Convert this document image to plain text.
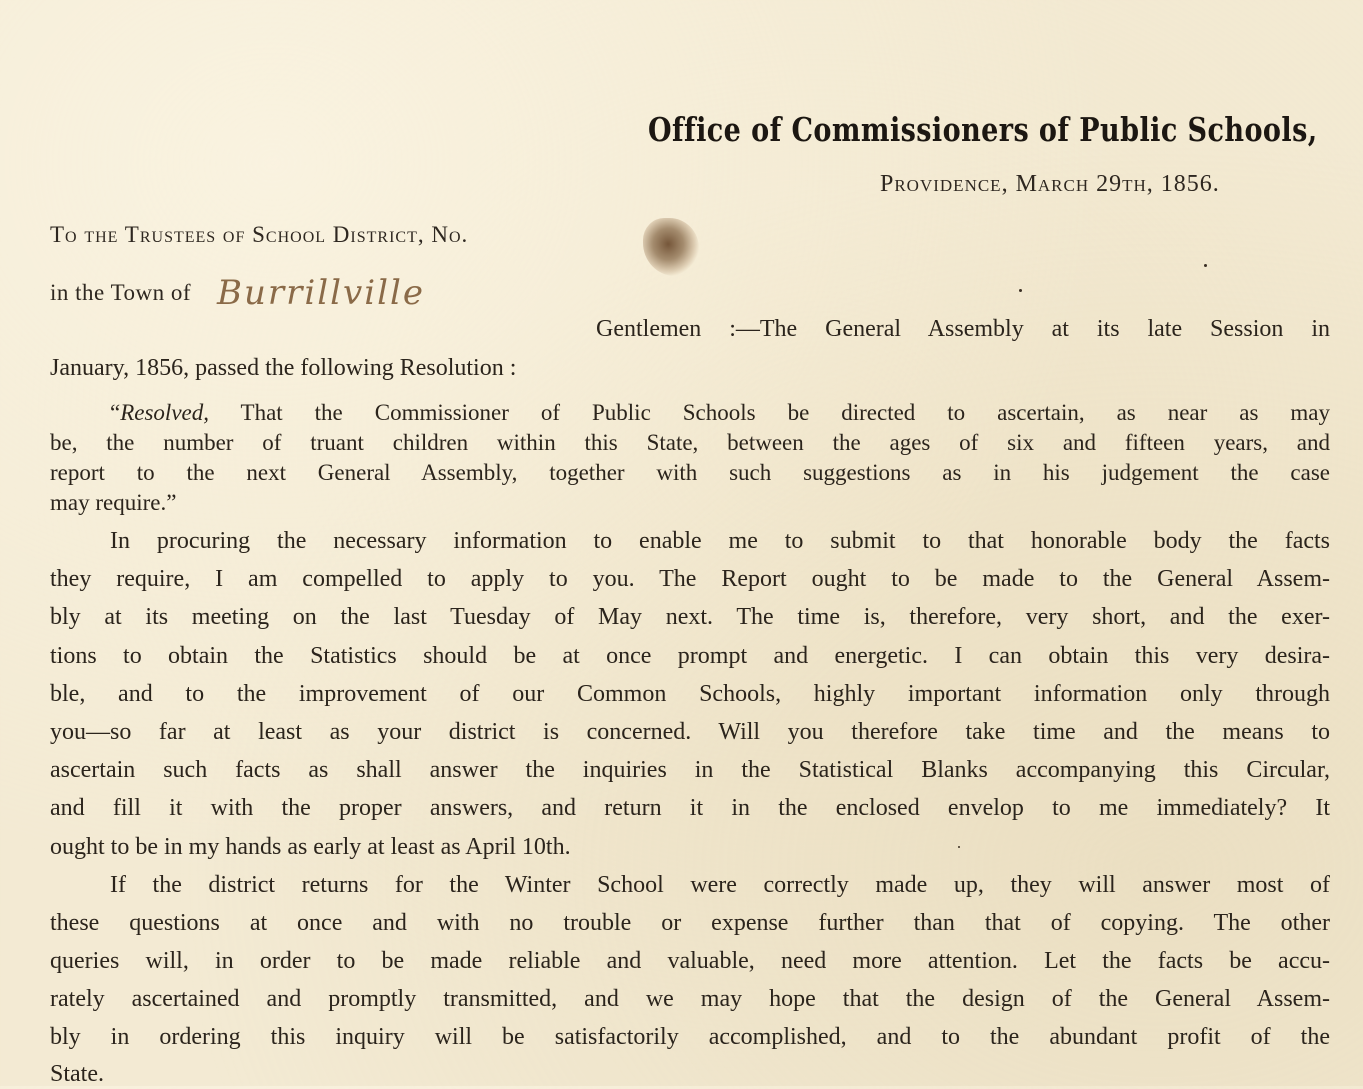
Office of Commissioners of Public Schools,
Providence, March 29th, 1856.
To the Trustees of School District, No.
in the Town of Burrillville
Gentlemen :—The General Assembly at its late Session in
January, 1856, passed the following Resolution :
“Resolved, That the Commissioner of Public Schools be directed to ascertain, as near as may
be, the number of truant children within this State, between the ages of six and fifteen years, and
report to the next General Assembly, together with such suggestions as in his judgement the case
may require.”
In procuring the necessary information to enable me to submit to that honorable body the facts
they require, I am compelled to apply to you. The Report ought to be made to the General Assem-
bly at its meeting on the last Tuesday of May next. The time is, therefore, very short, and the exer-
tions to obtain the Statistics should be at once prompt and energetic. I can obtain this very desira-
ble, and to the improvement of our Common Schools, highly important information only through
you—so far at least as your district is concerned. Will you therefore take time and the means to
ascertain such facts as shall answer the inquiries in the Statistical Blanks accompanying this Circular,
and fill it with the proper answers, and return it in the enclosed envelop to me immediately? It
ought to be in my hands as early at least as April 10th.
If the district returns for the Winter School were correctly made up, they will answer most of
these questions at once and with no trouble or expense further than that of copying. The other
queries will, in order to be made reliable and valuable, need more attention. Let the facts be accu-
rately ascertained and promptly transmitted, and we may hope that the design of the General Assem-
bly in ordering this inquiry will be satisfactorily accomplished, and to the abundant profit of the
State.
